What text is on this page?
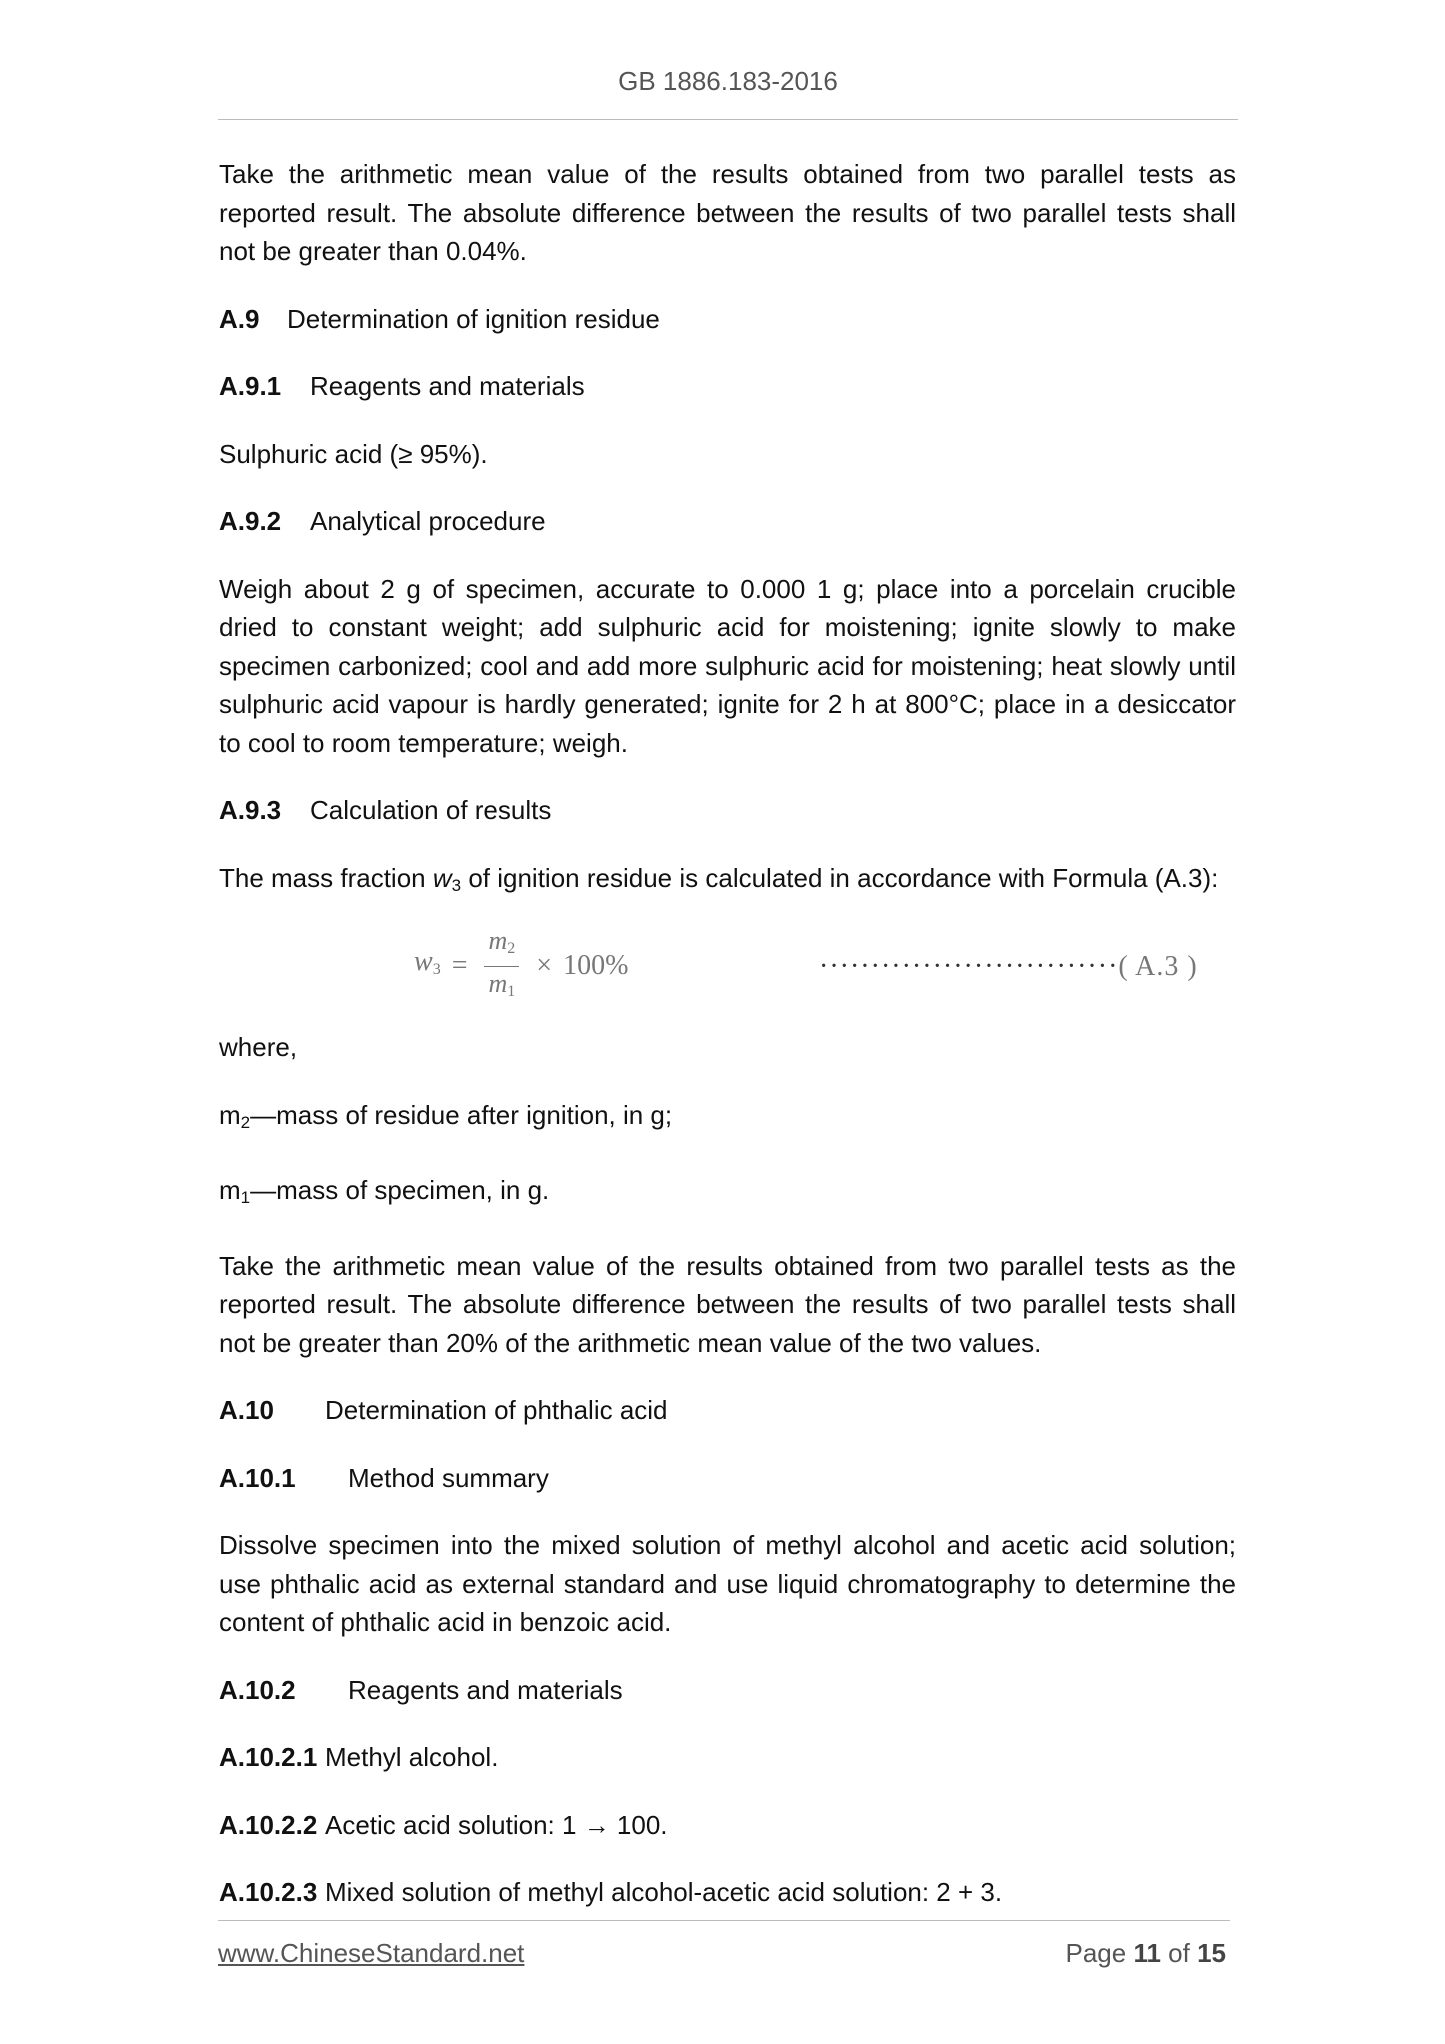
GB 1886.183-2016

Take the arithmetic mean value of the results obtained from two parallel tests as reported result. The absolute difference between the results of two parallel tests shall not be greater than 0.04%.

A.9 Determination of ignition residue
A.9.1 Reagents and materials

Sulphuric acid (≥ 95%).

A.9.2 Analytical procedure

Weigh about 2 g of specimen, accurate to 0.000 1 g; place into a porcelain crucible dried to constant weight; add sulphuric acid for moistening; ignite slowly to make specimen carbonized; cool and add more sulphuric acid for moistening; heat slowly until sulphuric acid vapour is hardly generated; ignite for 2 h at 800°C; place in a desiccator to cool to room temperature; weigh.

A.9.3 Calculation of results

The mass fraction w3 of ignition residue is calculated in accordance with Formula (A.3):

$w_3 = \frac{m_2}{m_1} \times 100\%$	·····························( A.3 )

where,

m2—mass of residue after ignition, in g;

m1—mass of specimen, in g.

Take the arithmetic mean value of the results obtained from two parallel tests as the reported result. The absolute difference between the results of two parallel tests shall not be greater than 20% of the arithmetic mean value of the two values.

A.10 Determination of phthalic acid
A.10.1 Method summary

Dissolve specimen into the mixed solution of methyl alcohol and acetic acid solution; use phthalic acid as external standard and use liquid chromatography to determine the content of phthalic acid in benzoic acid.

A.10.2 Reagents and materials
A.10.2.1 Methyl alcohol.
A.10.2.2 Acetic acid solution: 1 → 100.
A.10.2.3 Mixed solution of methyl alcohol-acetic acid solution: 2 + 3.
www.ChineseStandard.net	Page 11 of 15
